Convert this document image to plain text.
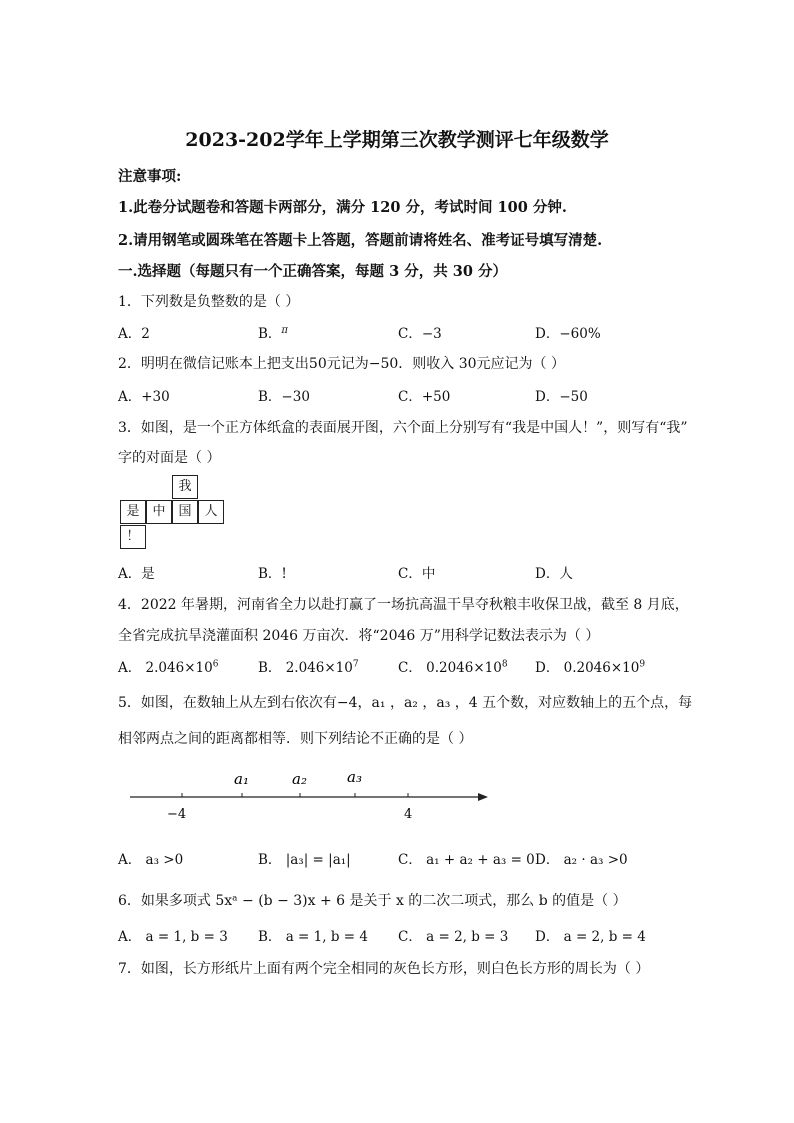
2023-202学年上学期第三次教学测评七年级数学
注意事项:
1.此卷分试题卷和答题卡两部分，满分 120 分，考试时间 100 分钟.
2.请用钢笔或圆珠笔在答题卡上答题，答题前请将姓名、准考证号填写清楚.
一.选择题（每题只有一个正确答案，每题 3 分，共 30 分）
1．下列数是负整数的是（ ）
A．2	B．$^\pi$	C．−3	D．−60%
2．明明在微信记账本上把支出50元记为−50．则收入 30元应记为（ ）
A．+30	B．−30	C．+50	D．−50
3．如图，是一个正方体纸盒的表面展开图，六个面上分别写有“我是中国人！”，则写有“我”
字的对面是（ ）
我
是 中 国 人
！
A．是	B．!	C．中	D．人
4．2022 年暑期，河南省全力以赴打赢了一场抗高温干旱夺秋粮丰收保卫战，截至 8 月底，
全省完成抗旱浇灌面积 2046 万亩次．将“2046 万”用科学记数法表示为（ ）
A． $2.046\times 10^6$	B． $2.046\times 10^7$	C． $0.2046\times 10^8$ D． $0.2046\times 10^9$
5．如图，在数轴上从左到右依次有−4，a₁ ，a₂ ，a₃ ，4 五个数，对应数轴上的五个点，每
相邻两点之间的距离都相等．则下列结论不正确的是（ ）
a₁	a₂	a₃
−4	4
A． a₃ >0	B． |a₃| = |a₁|	C． a₁ + a₂ + a₃ = 0 D． a₂ · a₃ >0
6．如果多项式 5xᵃ − (b − 3)x + 6 是关于 x 的二次二项式，那么 b 的值是（ ）
A． a = 1, b = 3 B． a = 1, b = 4 C． a = 2, b = 3 D． a = 2, b = 4
7．如图，长方形纸片上面有两个完全相同的灰色长方形，则白色长方形的周长为（ ）
